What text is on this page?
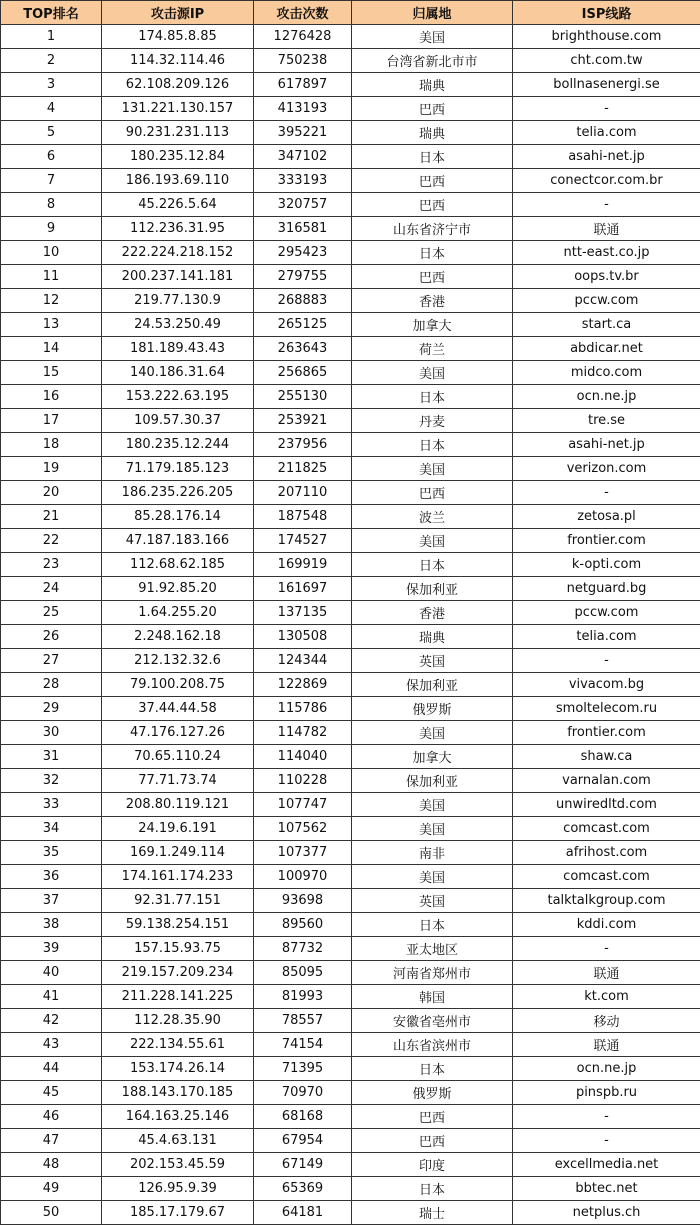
TOP排名	攻击源IP	攻击次数	归属地	ISP线路
1	174.85.8.85	1276428	美国	brighthouse.com
2	114.32.114.46	750238	台湾省新北市市	cht.com.tw
3	62.108.209.126	617897	瑞典	bollnasenergi.se
4	131.221.130.157	413193	巴西	-
5	90.231.231.113	395221	瑞典	telia.com
6	180.235.12.84	347102	日本	asahi-net.jp
7	186.193.69.110	333193	巴西	conectcor.com.br
8	45.226.5.64	320757	巴西	-
9	112.236.31.95	316581	山东省济宁市	联通
10	222.224.218.152	295423	日本	ntt-east.co.jp
11	200.237.141.181	279755	巴西	oops.tv.br
12	219.77.130.9	268883	香港	pccw.com
13	24.53.250.49	265125	加拿大	start.ca
14	181.189.43.43	263643	荷兰	abdicar.net
15	140.186.31.64	256865	美国	midco.com
16	153.222.63.195	255130	日本	ocn.ne.jp
17	109.57.30.37	253921	丹麦	tre.se
18	180.235.12.244	237956	日本	asahi-net.jp
19	71.179.185.123	211825	美国	verizon.com
20	186.235.226.205	207110	巴西	-
21	85.28.176.14	187548	波兰	zetosa.pl
22	47.187.183.166	174527	美国	frontier.com
23	112.68.62.185	169919	日本	k-opti.com
24	91.92.85.20	161697	保加利亚	netguard.bg
25	1.64.255.20	137135	香港	pccw.com
26	2.248.162.18	130508	瑞典	telia.com
27	212.132.32.6	124344	英国	-
28	79.100.208.75	122869	保加利亚	vivacom.bg
29	37.44.44.58	115786	俄罗斯	smoltelecom.ru
30	47.176.127.26	114782	美国	frontier.com
31	70.65.110.24	114040	加拿大	shaw.ca
32	77.71.73.74	110228	保加利亚	varnalan.com
33	208.80.119.121	107747	美国	unwiredltd.com
34	24.19.6.191	107562	美国	comcast.com
35	169.1.249.114	107377	南非	afrihost.com
36	174.161.174.233	100970	美国	comcast.com
37	92.31.77.151	93698	英国	talktalkgroup.com
38	59.138.254.151	89560	日本	kddi.com
39	157.15.93.75	87732	亚太地区	-
40	219.157.209.234	85095	河南省郑州市	联通
41	211.228.141.225	81993	韩国	kt.com
42	112.28.35.90	78557	安徽省亳州市	移动
43	222.134.55.61	74154	山东省滨州市	联通
44	153.174.26.14	71395	日本	ocn.ne.jp
45	188.143.170.185	70970	俄罗斯	pinspb.ru
46	164.163.25.146	68168	巴西	-
47	45.4.63.131	67954	巴西	-
48	202.153.45.59	67149	印度	excellmedia.net
49	126.95.9.39	65369	日本	bbtec.net
50	185.17.179.67	64181	瑞士	netplus.ch
